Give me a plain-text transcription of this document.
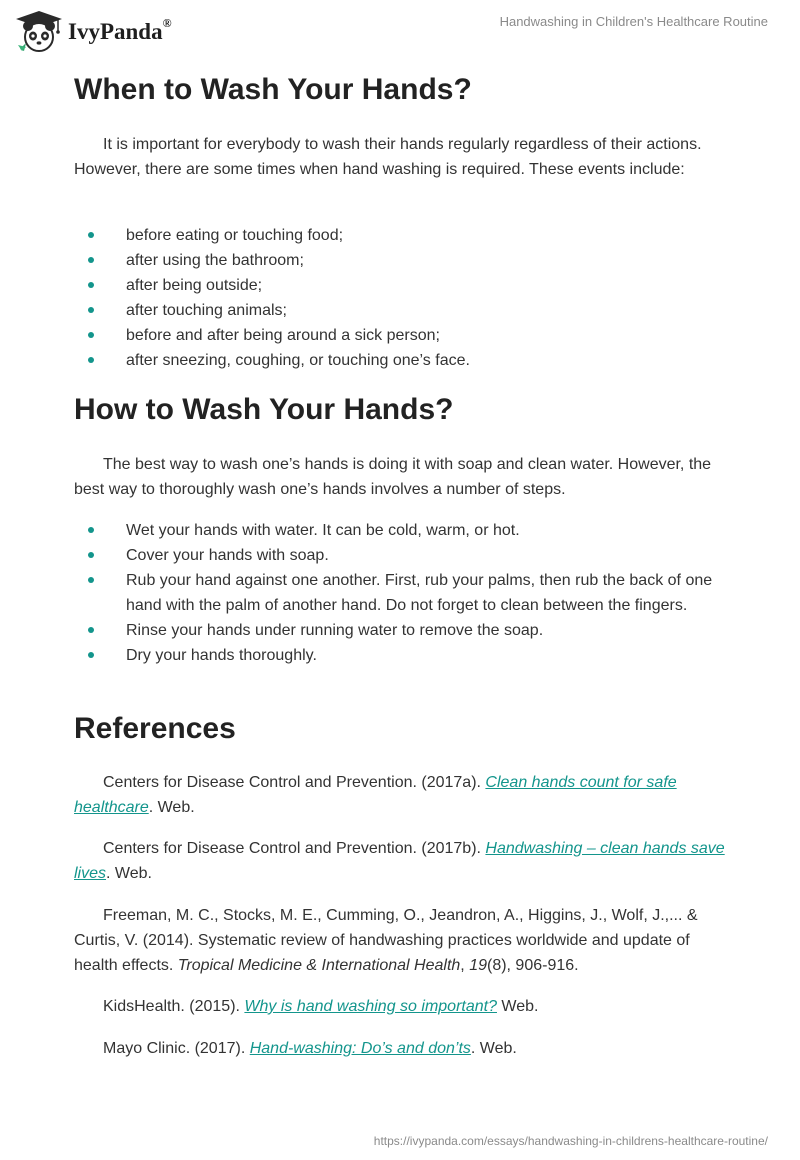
IvyPanda®	Handwashing in Children's Healthcare Routine
When to Wash Your Hands?

It is important for everybody to wash their hands regularly regardless of their actions. However, there are some times when hand washing is required. These events include:

before eating or touching food;
after using the bathroom;
after being outside;
after touching animals;
before and after being around a sick person;
after sneezing, coughing, or touching one’s face.
How to Wash Your Hands?

The best way to wash one’s hands is doing it with soap and clean water. However, the best way to thoroughly wash one’s hands involves a number of steps.

Wet your hands with water. It can be cold, warm, or hot.
Cover your hands with soap.
Rub your hand against one another. First, rub your palms, then rub the back of one hand with the palm of another hand. Do not forget to clean between the fingers.
Rinse your hands under running water to remove the soap.
Dry your hands thoroughly.
References

Centers for Disease Control and Prevention. (2017a). Clean hands count for safe healthcare. Web.

Centers for Disease Control and Prevention. (2017b). Handwashing – clean hands save lives. Web.

Freeman, M. C., Stocks, M. E., Cumming, O., Jeandron, A., Higgins, J., Wolf, J.,... & Curtis, V. (2014). Systematic review of handwashing practices worldwide and update of health effects. Tropical Medicine & International Health, 19(8), 906-916.

KidsHealth. (2015). Why is hand washing so important? Web.

Mayo Clinic. (2017). Hand-washing: Do’s and don’ts. Web.

https://ivypanda.com/essays/handwashing-in-childrens-healthcare-routine/
